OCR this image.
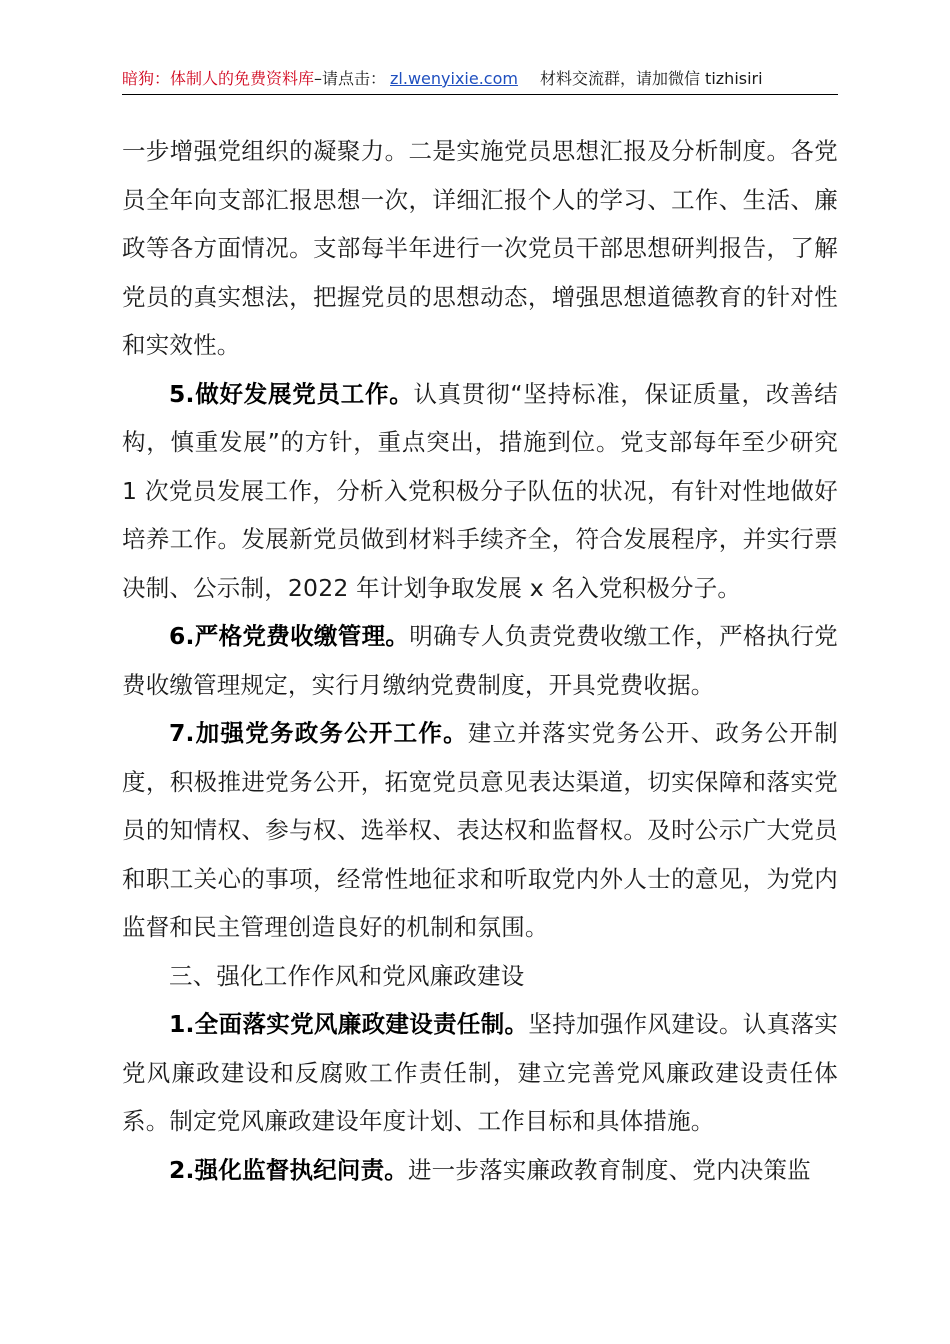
暗狗：体制人的免费资料库–请点击： zl.wenyixie.com 材料交流群，请加微信 tizhisiri

一步增强党组织的凝聚力。二是实施党员思想汇报及分析制度。各党员全年向支部汇报思想一次，详细汇报个人的学习、工作、生活、廉政等各方面情况。支部每半年进行一次党员干部思想研判报告，了解党员的真实想法，把握党员的思想动态，增强思想道德教育的针对性和实效性。

5.做好发展党员工作。认真贯彻“坚持标准，保证质量，改善结构，慎重发展”的方针，重点突出，措施到位。党支部每年至少研究 1 次党员发展工作，分析入党积极分子队伍的状况，有针对性地做好培养工作。发展新党员做到材料手续齐全，符合发展程序，并实行票决制、公示制，2022 年计划争取发展 x 名入党积极分子。

6.严格党费收缴管理。明确专人负责党费收缴工作，严格执行党费收缴管理规定，实行月缴纳党费制度，开具党费收据。

7.加强党务政务公开工作。建立并落实党务公开、政务公开制度，积极推进党务公开，拓宽党员意见表达渠道，切实保障和落实党员的知情权、参与权、选举权、表达权和监督权。及时公示广大党员和职工关心的事项，经常性地征求和听取党内外人士的意见，为党内监督和民主管理创造良好的机制和氛围。

三、强化工作作风和党风廉政建设

1.全面落实党风廉政建设责任制。坚持加强作风建设。认真落实党风廉政建设和反腐败工作责任制，建立完善党风廉政建设责任体系。制定党风廉政建设年度计划、工作目标和具体措施。

2.强化监督执纪问责。进一步落实廉政教育制度、党内决策监
